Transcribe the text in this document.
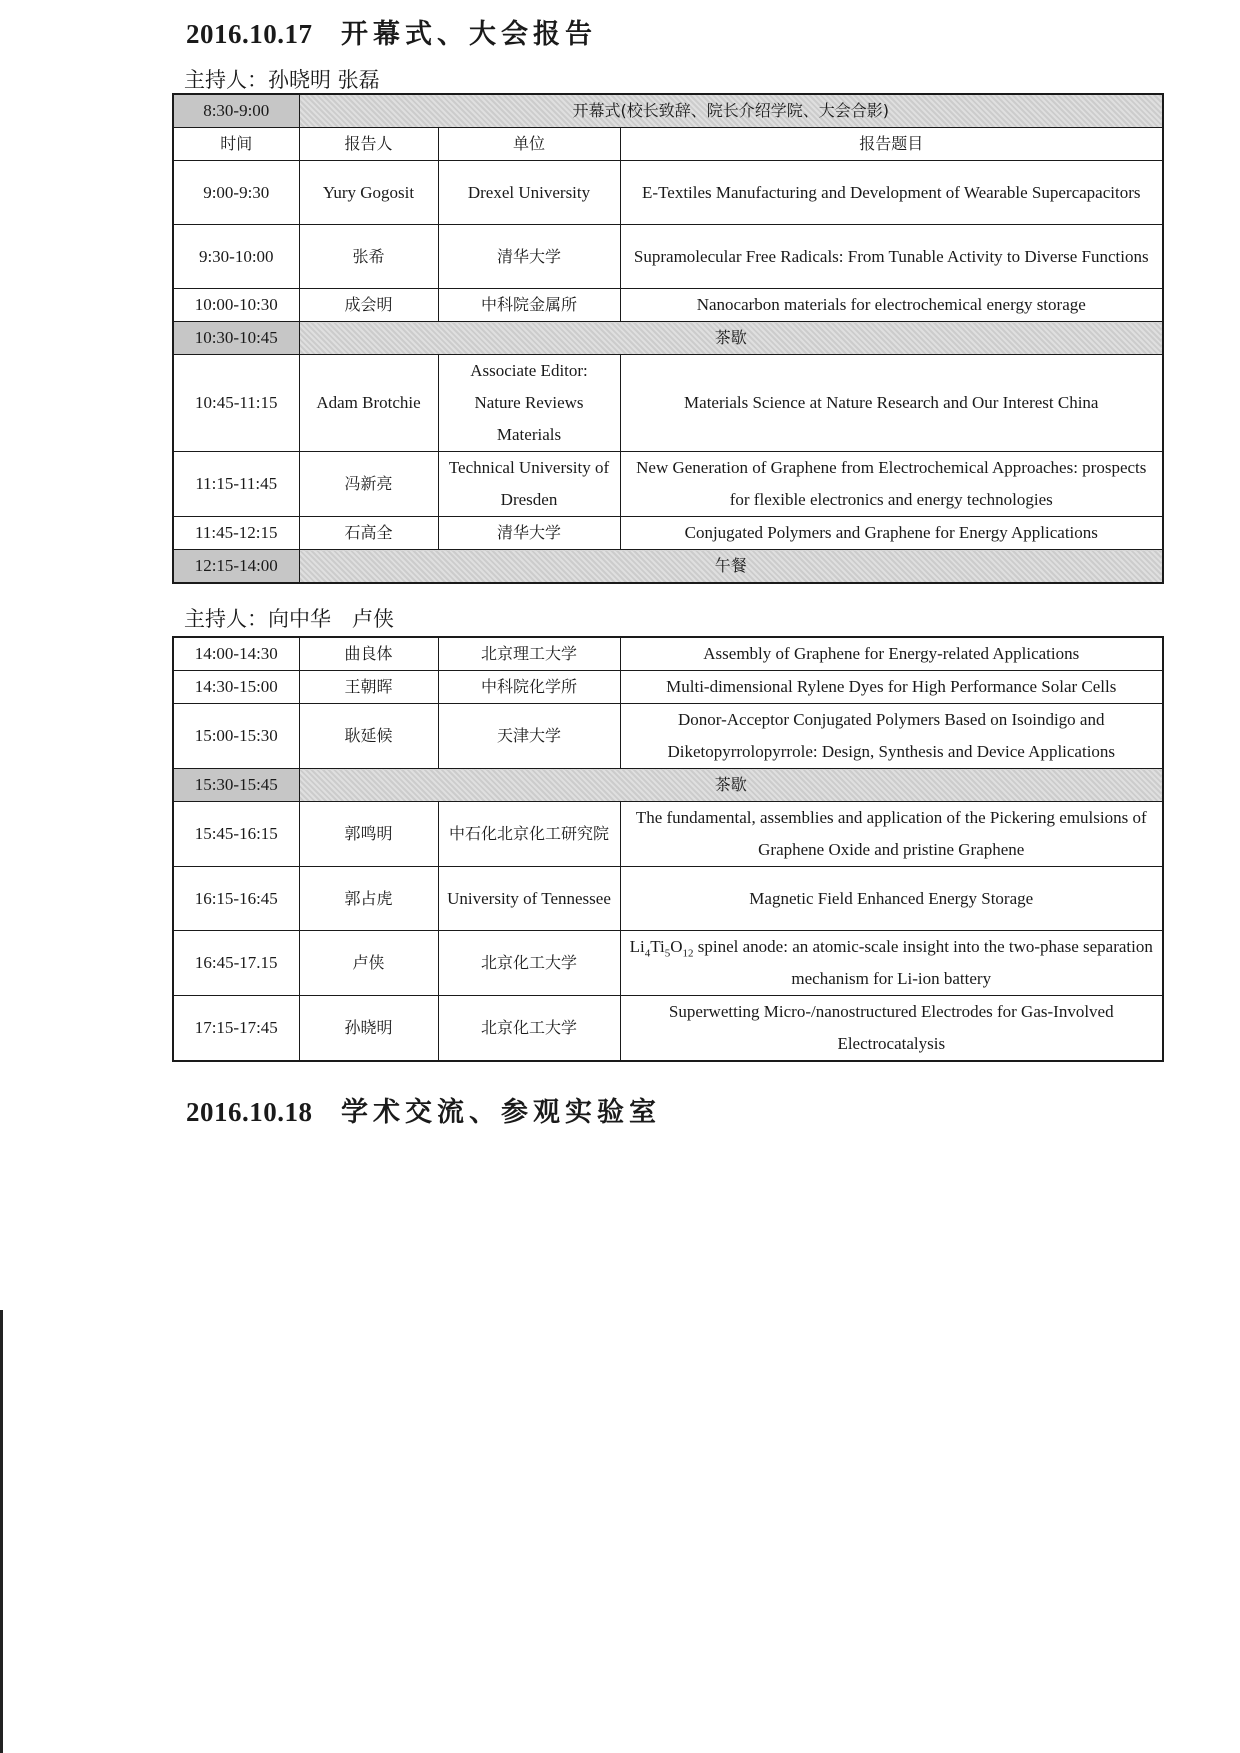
2016.10.17 开幕式、大会报告
主持人：孙晓明 张磊
8:30-9:00	开幕式(校长致辞、院长介绍学院、大会合影)		
时间	报告人	单位	报告题目
9:00-9:30	Yury Gogosit	Drexel University	E-Textiles Manufacturing and Development of Wearable Supercapacitors
9:30-10:00	张希	清华大学	Supramolecular Free Radicals: From Tunable Activity to Diverse Functions
10:00-10:30	成会明	中科院金属所	Nanocarbon materials for electrochemical energy storage
10:30-10:45	茶歇		
10:45-11:15	Adam Brotchie	Associate Editor: Nature Reviews Materials	Materials Science at Nature Research and Our Interest China
11:15-11:45	冯新亮	Technical University of Dresden	New Generation of Graphene from Electrochemical Approaches: prospects for flexible electronics and energy technologies
11:45-12:15	石高全	清华大学	Conjugated Polymers and Graphene for Energy Applications
12:15-14:00	午餐		
主持人：向中华　卢侠
14:00-14:30	曲良体	北京理工大学	Assembly of Graphene for Energy-related Applications
14:30-15:00	王朝晖	中科院化学所	Multi-dimensional Rylene Dyes for High Performance Solar Cells
15:00-15:30	耿延候	天津大学	Donor-Acceptor Conjugated Polymers Based on Isoindigo and Diketopyrrolopyrrole: Design, Synthesis and Device Applications
15:30-15:45	茶歇		
15:45-16:15	郭鸣明	中石化北京化工研究院	The fundamental, assemblies and application of the Pickering emulsions of Graphene Oxide and pristine Graphene
16:15-16:45	郭占虎	University of Tennessee	Magnetic Field Enhanced Energy Storage
16:45-17.15	卢侠	北京化工大学	$Li_4Ti_5O_{12}$ spinel anode: an atomic-scale insight into the two-phase separation mechanism for Li-ion battery
17:15-17:45	孙晓明	北京化工大学	Superwetting Micro-/nanostructured Electrodes for Gas-Involved Electrocatalysis
2016.10.18 学术交流、参观实验室
